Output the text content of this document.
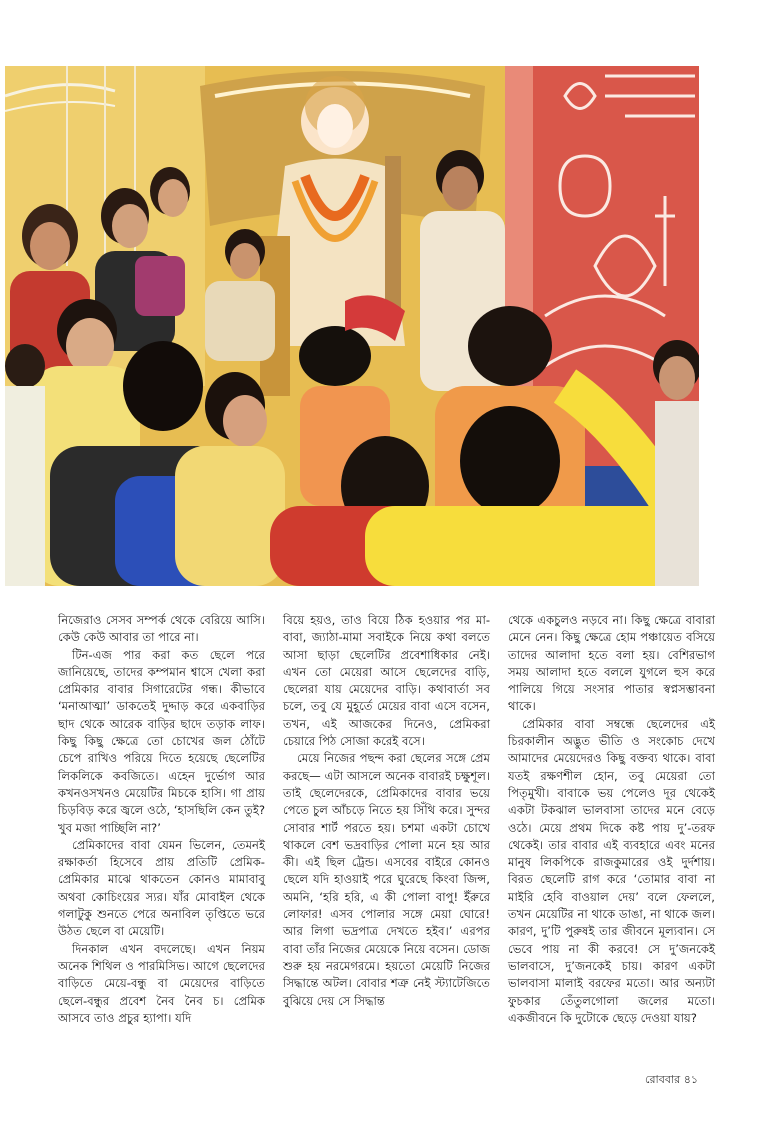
নিজেরাও সেসব সম্পর্ক থেকে বেরিয়ে আসি। কেউ কেউ আবার তা পারে না।

টিন-এজ পার করা কত ছেলে পরে জানিয়েছে, তাদের কম্পমান শ্বাসে খেলা করা প্রেমিকার বাবার সিগারেটের গন্ধ। কীভাবে ‘মনাআত্মা’ ডাকতেই দুদ্দাড় করে একবাড়ির ছাদ থেকে আরেক বাড়ির ছাদে তড়াক লাফ। কিছু কিছু ক্ষেত্রে তো চোখের জল ঠোঁটে চেপে রাখিও পরিয়ে দিতে হয়েছে ছেলেটির লিকলিকে কবজিতে। এহেন দুর্ভোগ আর কখনওসখনও মেয়েটির মিচকে হাসি। গা প্রায় চিড়বিড় করে জ্বলে ওঠে, ‘হাসছিলি কেন তুই? খুব মজা পাচ্ছিলি না?’

প্রেমিকাদের বাবা যেমন ভিলেন, তেমনই রক্ষাকর্তা হিসেবে প্রায় প্রতিটি প্রেমিক-প্রেমিকার মাঝে থাকতেন কোনও মামাবাবু অথবা কোচিংয়ের স্যর। যাঁর মোবাইল থেকে গলাটুকু শুনতে পেরে অনাবিল তৃপ্তিতে ভরে উঠত ছেলে বা মেয়েটি।

দিনকাল এখন বদলেছে। এখন নিয়ম অনেক শিথিল ও পারমিসিভ। আগে ছেলেদের বাড়িতে মেয়ে-বন্ধু বা মেয়েদের বাড়িতে ছেলে-বন্ধুর প্রবেশ নৈব নৈব চ। প্রেমিক আসবে তাও প্রচুর হ্যাপা। যদি

বিয়ে হয়ও, তাও বিয়ে ঠিক হওয়ার পর মা-বাবা, জ্যাঠা-মামা সবাইকে নিয়ে কথা বলতে আসা ছাড়া ছেলেটির প্রবেশাধিকার নেই। এখন তো মেয়েরা আসে ছেলেদের বাড়ি, ছেলেরা যায় মেয়েদের বাড়ি। কথাবার্তা সব চলে, তবু যে মুহূর্তে মেয়ের বাবা এসে বসেন, তখন, এই আজকের দিনেও, প্রেমিকরা চেয়ারে পিঠ সোজা করেই বসে।

মেয়ে নিজের পছন্দ করা ছেলের সঙ্গে প্রেম করছে— এটা আসলে অনেক বাবারই চক্ষুশূল। তাই ছেলেদেরকে, প্রেমিকাদের বাবার ভয়ে পেতে চুল আঁচড়ে নিতে হয় সিঁথি করে। সুন্দর সোবার শার্ট পরতে হয়। চশমা একটা চোখে থাকলে বেশ ভদ্রবাড়ির পোলা মনে হয় আর কী। এই ছিল ট্রেন্ড। এসবের বাইরে কোনও ছেলে যদি হাওয়াই পরে ঘুরেছে কিংবা জিন্স, অমনি, ‘হরি হরি, এ কী পোলা বাপু! ইঁরুরে লোফার! এসব পোলার সঙ্গে মেয়া ঘোরে! আর লিগা ভদ্রপাত্র দেখতে হইব।’ এরপর বাবা তাঁর নিজের মেয়েকে নিয়ে বসেন। ডোজ শুরু হয় নরমেগরমে। হয়তো মেয়েটি নিজের সিদ্ধান্তে অটল। বোবার শত্রু নেই স্ট্যাটেজিতে বুঝিয়ে দেয় সে সিদ্ধান্ত

থেকে একচুলও নড়বে না। কিছু ক্ষেত্রে বাবারা মেনে নেন। কিছু ক্ষেত্রে হোম পঞ্চায়েত বসিয়ে তাদের আলাদা হতে বলা হয়। বেশিরভাগ সময় আলাদা হতে বললে যুগলে হুস করে পালিয়ে গিয়ে সংসার পাতার স্বপ্নসম্ভাবনা থাকে।

প্রেমিকার বাবা সম্বন্ধে ছেলেদের এই চিরকালীন অদ্ভুত ভীতি ও সংকোচ দেখে আমাদের মেয়েদেরও কিছু বক্তব্য থাকে। বাবা যতই রক্ষণশীল হোন, তবু মেয়েরা তো পিতৃমুখী। বাবাকে ভয় পেলেও দূর থেকেই একটা টকঝাল ভালবাসা তাদের মনে বেড়ে ওঠে। মেয়ে প্রথম দিকে কষ্ট পায় দু’-তরফ থেকেই। তার বাবার এই ব্যবহারে এবং মনের মানুষ লিকপিকে রাজকুমারের ওই দুর্দশায়। বিরত ছেলেটি রাগ করে ‘তোমার বাবা না মাইরি হেবি বাওয়াল দেয়’ বলে ফেললে, তখন মেয়েটির না থাকে ডাঙা, না থাকে জল। কারণ, দু’টি পুরুষই তার জীবনে মূল্যবান। সে ভেবে পায় না কী করবে! সে দু’জনকেই ভালবাসে, দু’জনকেই চায়। কারণ একটা ভালবাসা মালাই বরফের মতো। আর অন্যটা ফুচকার তেঁতুলগোলা জলের মতো। একজীবনে কি দুটোকে ছেড়ে দেওয়া যায়?

রোববার ৪১
